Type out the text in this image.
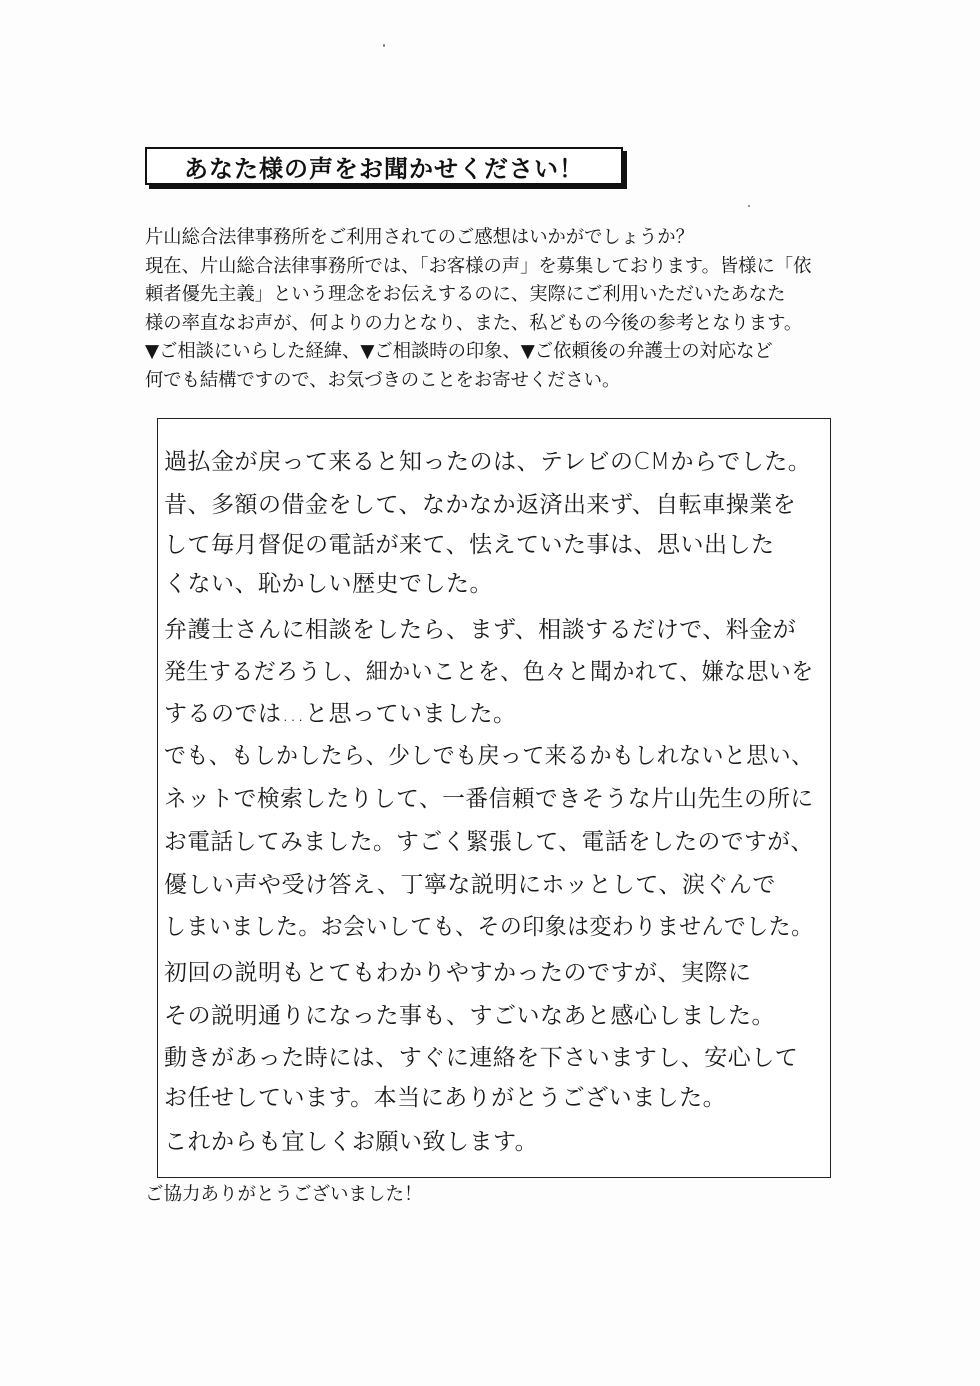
あなた様の声をお聞かせください！
片山総合法律事務所をご利用されてのご感想はいかがでしょうか？
現在、片山総合法律事務所では、「お客様の声」を募集しております。皆様に「依
頼者優先主義」という理念をお伝えするのに、実際にご利用いただいたあなた
様の率直なお声が、何よりの力となり、また、私どもの今後の参考となります。
▼ご相談にいらした経緯、▼ご相談時の印象、▼ご依頼後の弁護士の対応など
何でも結構ですので、お気づきのことをお寄せください。
過払金が戻って来ると知ったのは、テレビのCMからでした。
昔、多額の借金をして、なかなか返済出来ず、自転車操業を
して毎月督促の電話が来て、怯えていた事は、思い出した
くない、恥かしい歴史でした。
弁護士さんに相談をしたら、まず、相談するだけで、料金が
発生するだろうし、細かいことを、色々と聞かれて、嫌な思いを
するのでは…と思っていました。
でも、もしかしたら、少しでも戻って来るかもしれないと思い、
ネットで検索したりして、一番信頼できそうな片山先生の所に
お電話してみました。すごく緊張して、電話をしたのですが、
優しい声や受け答え、丁寧な説明にホッとして、涙ぐんで
しまいました。お会いしても、その印象は変わりませんでした。
初回の説明もとてもわかりやすかったのですが、実際に
その説明通りになった事も、すごいなあと感心しました。
動きがあった時には、すぐに連絡を下さいますし、安心して
お任せしています。本当にありがとうございました。
これからも宜しくお願い致します。
ご協力ありがとうございました！
